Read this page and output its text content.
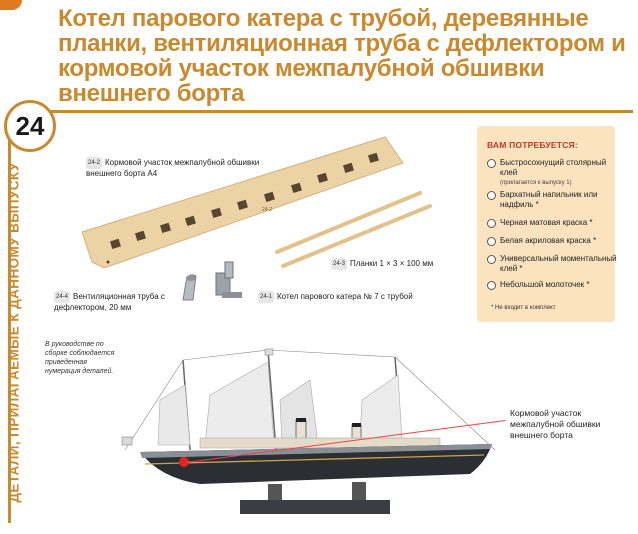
Котел парового катера с трубой, деревянные планки, вентиляционная труба с дефлектором и кормовой участок межпалубной обшивки внешнего борта
24
ДЕТАЛИ, ПРИЛАГАЕМЫЕ К ДАННОМУ ВЫПУСКУ	24-2
24-2 Кормовой участок межпалубной обшивки внешнего борта А4
24-3 Планки 1 × 3 × 100 мм
24-4 Вентиляционная труба с дефлектором, 20 мм
24-1 Котел парового катера № 7 с трубой
ВАМ ПОТРЕБУЕТСЯ:
Быстросохнущий столярный клей
(прилагается к выпуску 1)
Бархатный напильник или надфиль *
Черная матовая краска *
Белая акриловая краска *
Универсальный моментальный клей *
Небольшой молоточек *
* Не входит в комплект
В руководстве по сборке соблюдается приведенная нумерация деталей.
Кормовой участок межпалубной обшивки внешнего борта
